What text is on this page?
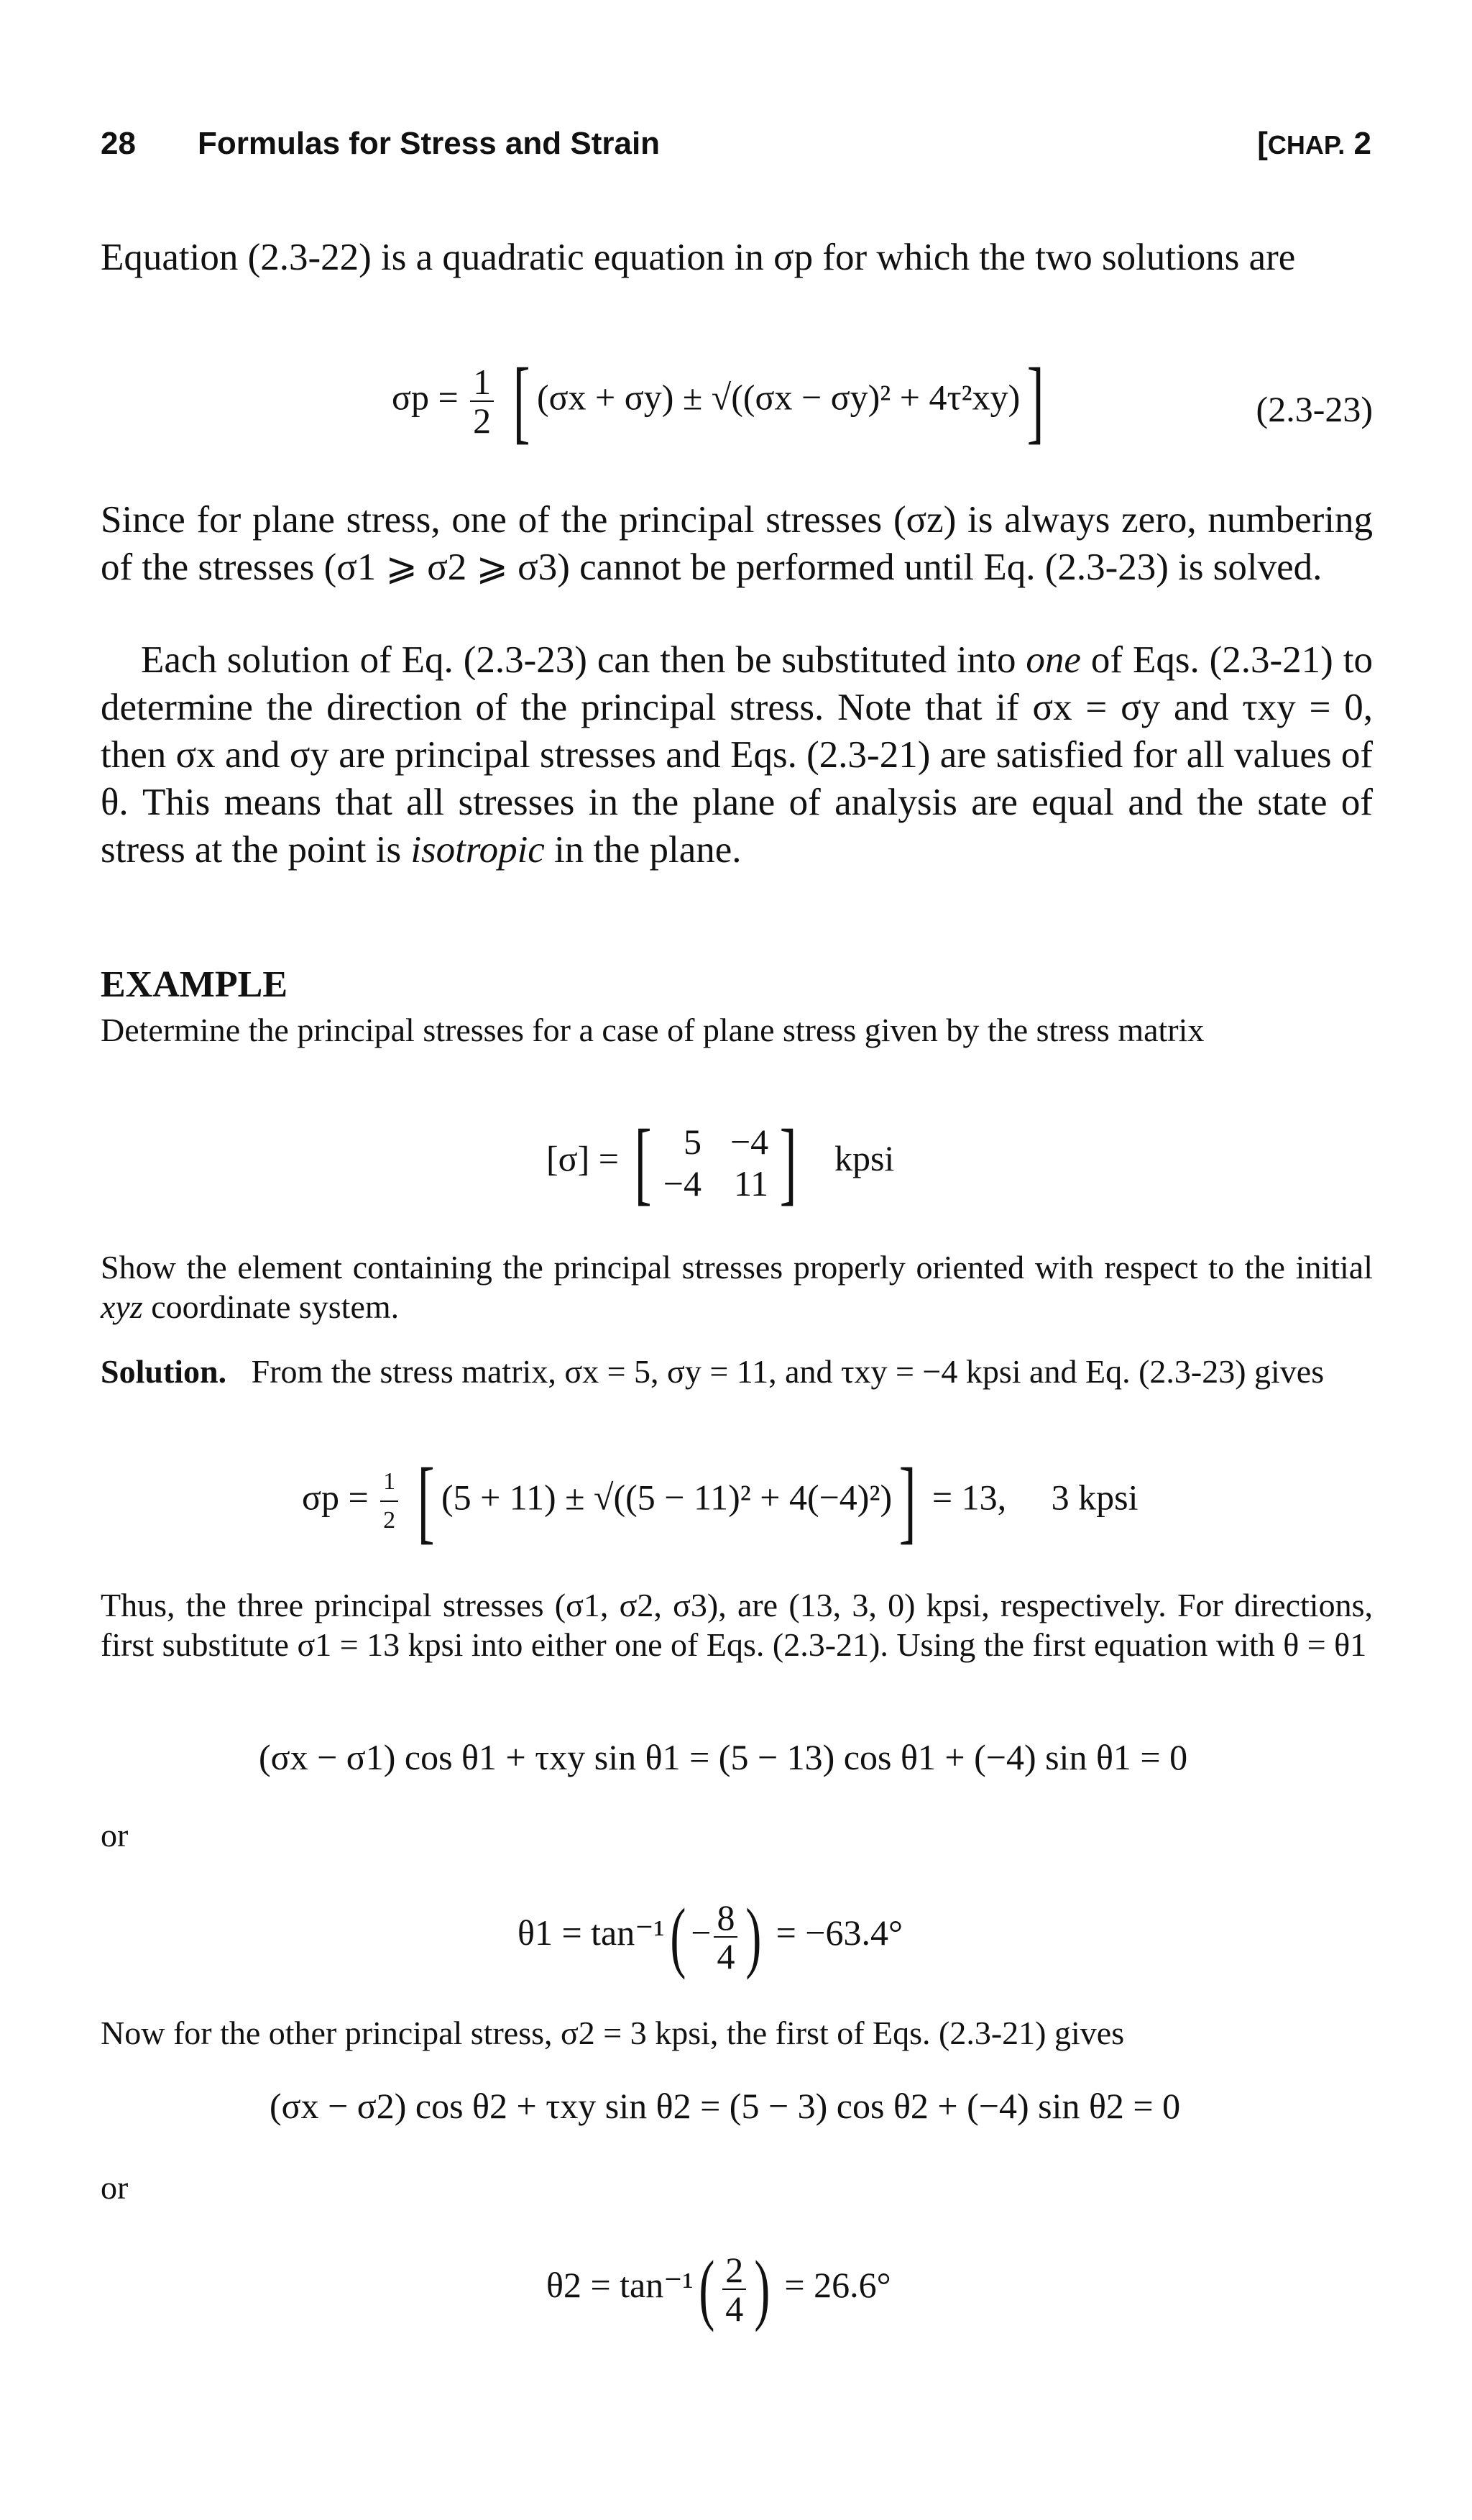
28 Formulas for Stress and Strain	[CHAP. 2
Equation (2.3-22) is a quadratic equation in σp for which the two solutions are
$\sigma p = \frac{1}{2}$ [ (σx + σy) ± √((σx − σy)² + 4τ²xy)]	(2.3-23)
Since for plane stress, one of the principal stresses (σz) is always zero, numbering of the stresses (σ1 ⩾ σ2 ⩾ σ3) cannot be performed until Eq. (2.3-23) is solved.
Each solution of Eq. (2.3-23) can then be substituted into one of Eqs. (2.3-21) to determine the direction of the principal stress. Note that if σx = σy and τxy = 0, then σx and σy are principal stresses and Eqs. (2.3-21) are satisfied for all values of θ. This means that all stresses in the plane of analysis are equal and the state of stress at the point is isotropic in the plane.
EXAMPLE
Determine the principal stresses for a case of plane stress given by the stress matrix
[σ] = [ 5 −4
−4 11 ] kpsi
Show the element containing the principal stresses properly oriented with respect to the initial xyz coordinate system.
Solution. From the stress matrix, σx = 5, σy = 11, and τxy = −4 kpsi and Eq. (2.3-23) gives
$\sigma p = \frac{1}{2}$ [ (5 + 11) ± √((5 − 11)² + 4(−4)²)] = 13,     3 kpsi
Thus, the three principal stresses (σ1, σ2, σ3), are (13, 3, 0) kpsi, respectively. For directions, first substitute σ1 = 13 kpsi into either one of Eqs. (2.3-21). Using the first equation with θ = θ1
(σx − σ1) cos θ1 + τxy sin θ1 = (5 − 13) cos θ1 + (−4) sin θ1 = 0
or
$\theta 1 = \tan^{-1}( - \frac{8}{4}$ ) = −63.4°
Now for the other principal stress, σ2 = 3 kpsi, the first of Eqs. (2.3-21) gives
(σx − σ2) cos θ2 + τxy sin θ2 = (5 − 3) cos θ2 + (−4) sin θ2 = 0
or
$\theta 2 = \tan^{-1}( \frac{2}{4}$ ) = 26.6°
